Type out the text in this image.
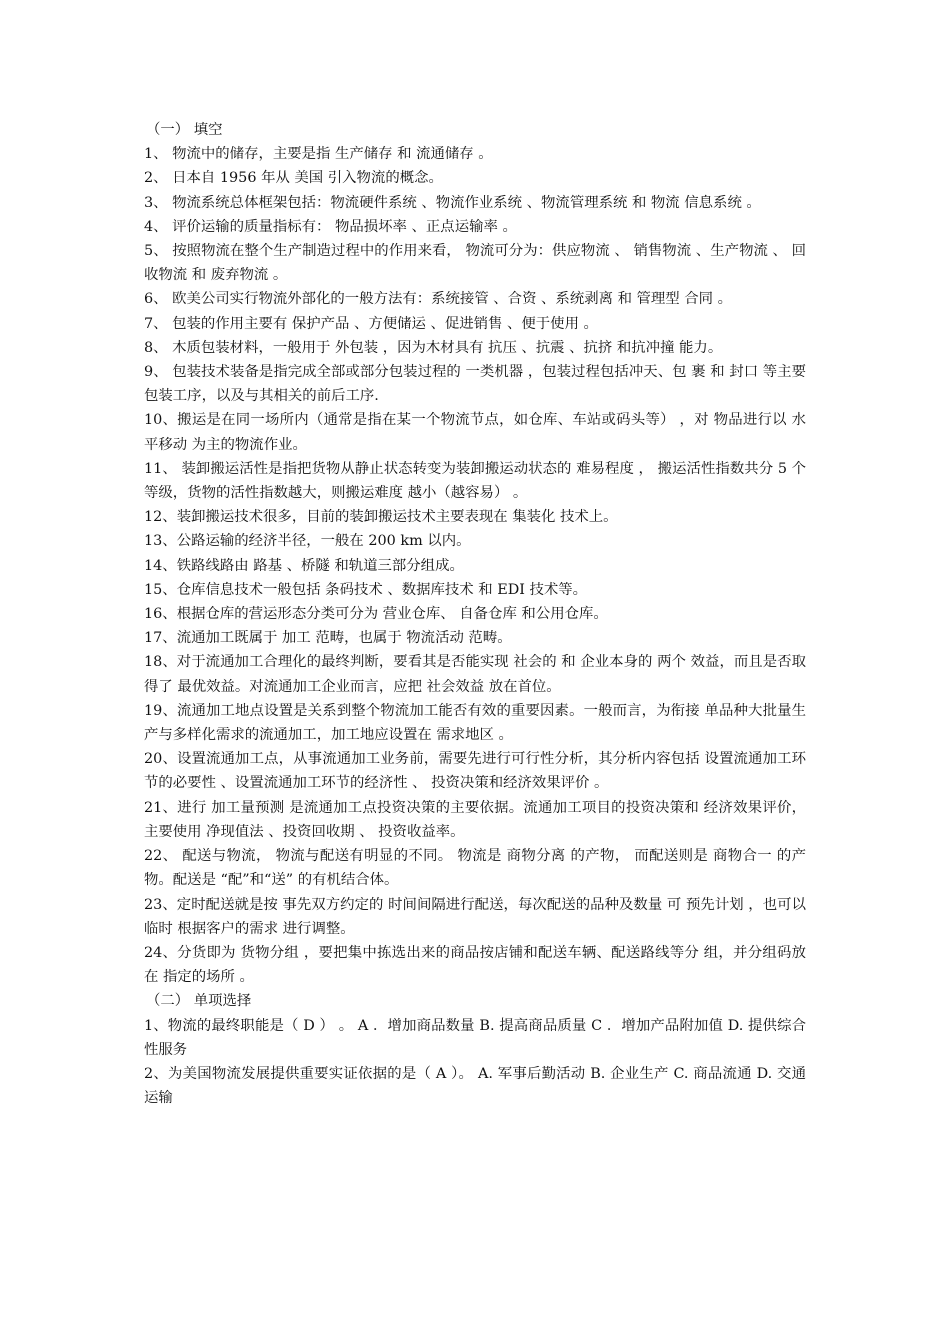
（一） 填空

1、 物流中的储存，主要是指 生产储存 和 流通储存 。

2、 日本自 1956 年从 美国 引入物流的概念。

3、 物流系统总体框架包括：物流硬件系统 、物流作业系统 、物流管理系统 和 物流 信息系统 。

4、 评价运输的质量指标有： 物品损坏率 、正点运输率 。

5、 按照物流在整个生产制造过程中的作用来看， 物流可分为：供应物流 、 销售物流 、生产物流 、 回收物流 和 废弃物流 。

6、 欧美公司实行物流外部化的一般方法有：系统接管 、合资 、系统剥离 和 管理型 合同 。

7、 包装的作用主要有 保护产品 、方便储运 、促进销售 、便于使用 。

8、 木质包装材料，一般用于 外包装 ，因为木材具有 抗压 、抗震 、抗挤 和抗冲撞 能力。

9、 包装技术装备是指完成全部或部分包装过程的 一类机器 ，包装过程包括冲天、包 裹 和 封口 等主要包装工序，以及与其相关的前后工序.

10、搬运是在同一场所内（通常是指在某一个物流节点，如仓库、车站或码头等） ，对 物品进行以 水平移动 为主的物流作业。

11、 装卸搬运活性是指把货物从静止状态转变为装卸搬运动状态的 难易程度 ， 搬运活性指数共分 5 个等级，货物的活性指数越大，则搬运难度 越小（越容易） 。

12、装卸搬运技术很多，目前的装卸搬运技术主要表现在 集装化 技术上。

13、公路运输的经济半径，一般在 200 km 以内。

14、铁路线路由 路基 、桥隧 和轨道三部分组成。

15、仓库信息技术一般包括 条码技术 、数据库技术 和 EDI 技术等。

16、根据仓库的营运形态分类可分为 营业仓库、 自备仓库 和公用仓库。

17、流通加工既属于 加工 范畴，也属于 物流活动 范畴。

18、对于流通加工合理化的最终判断，要看其是否能实现 社会的 和 企业本身的 两个 效益，而且是否取得了 最优效益。对流通加工企业而言，应把 社会效益 放在首位。

19、流通加工地点设置是关系到整个物流加工能否有效的重要因素。一般而言，为衔接 单品种大批量生产与多样化需求的流通加工，加工地应设置在 需求地区 。

20、设置流通加工点，从事流通加工业务前，需要先进行可行性分析，其分析内容包括 设置流通加工环节的必要性 、设置流通加工环节的经济性 、 投资决策和经济效果评价 。

21、进行 加工量预测 是流通加工点投资决策的主要依据。流通加工项目的投资决策和 经济效果评价，主要使用 净现值法 、投资回收期 、 投资收益率。

22、 配送与物流， 物流与配送有明显的不同。 物流是 商物分离 的产物， 而配送则是 商物合一 的产物。配送是 “配”和“送” 的有机结合体。

23、定时配送就是按 事先双方约定的 时间间隔进行配送，每次配送的品种及数量 可 预先计划 ，也可以临时 根据客户的需求 进行调整。

24、分货即为 货物分组 ，要把集中拣选出来的商品按店铺和配送车辆、配送路线等分 组，并分组码放在 指定的场所 。

（二） 单项选择

1、物流的最终职能是（ D ） 。 A ．增加商品数量 B. 提高商品质量 C ．增加产品附加值 D. 提供综合性服务

2、为美国物流发展提供重要实证依据的是（ A ）。 A. 军事后勤活动 B. 企业生产 C. 商品流通 D. 交通运输
